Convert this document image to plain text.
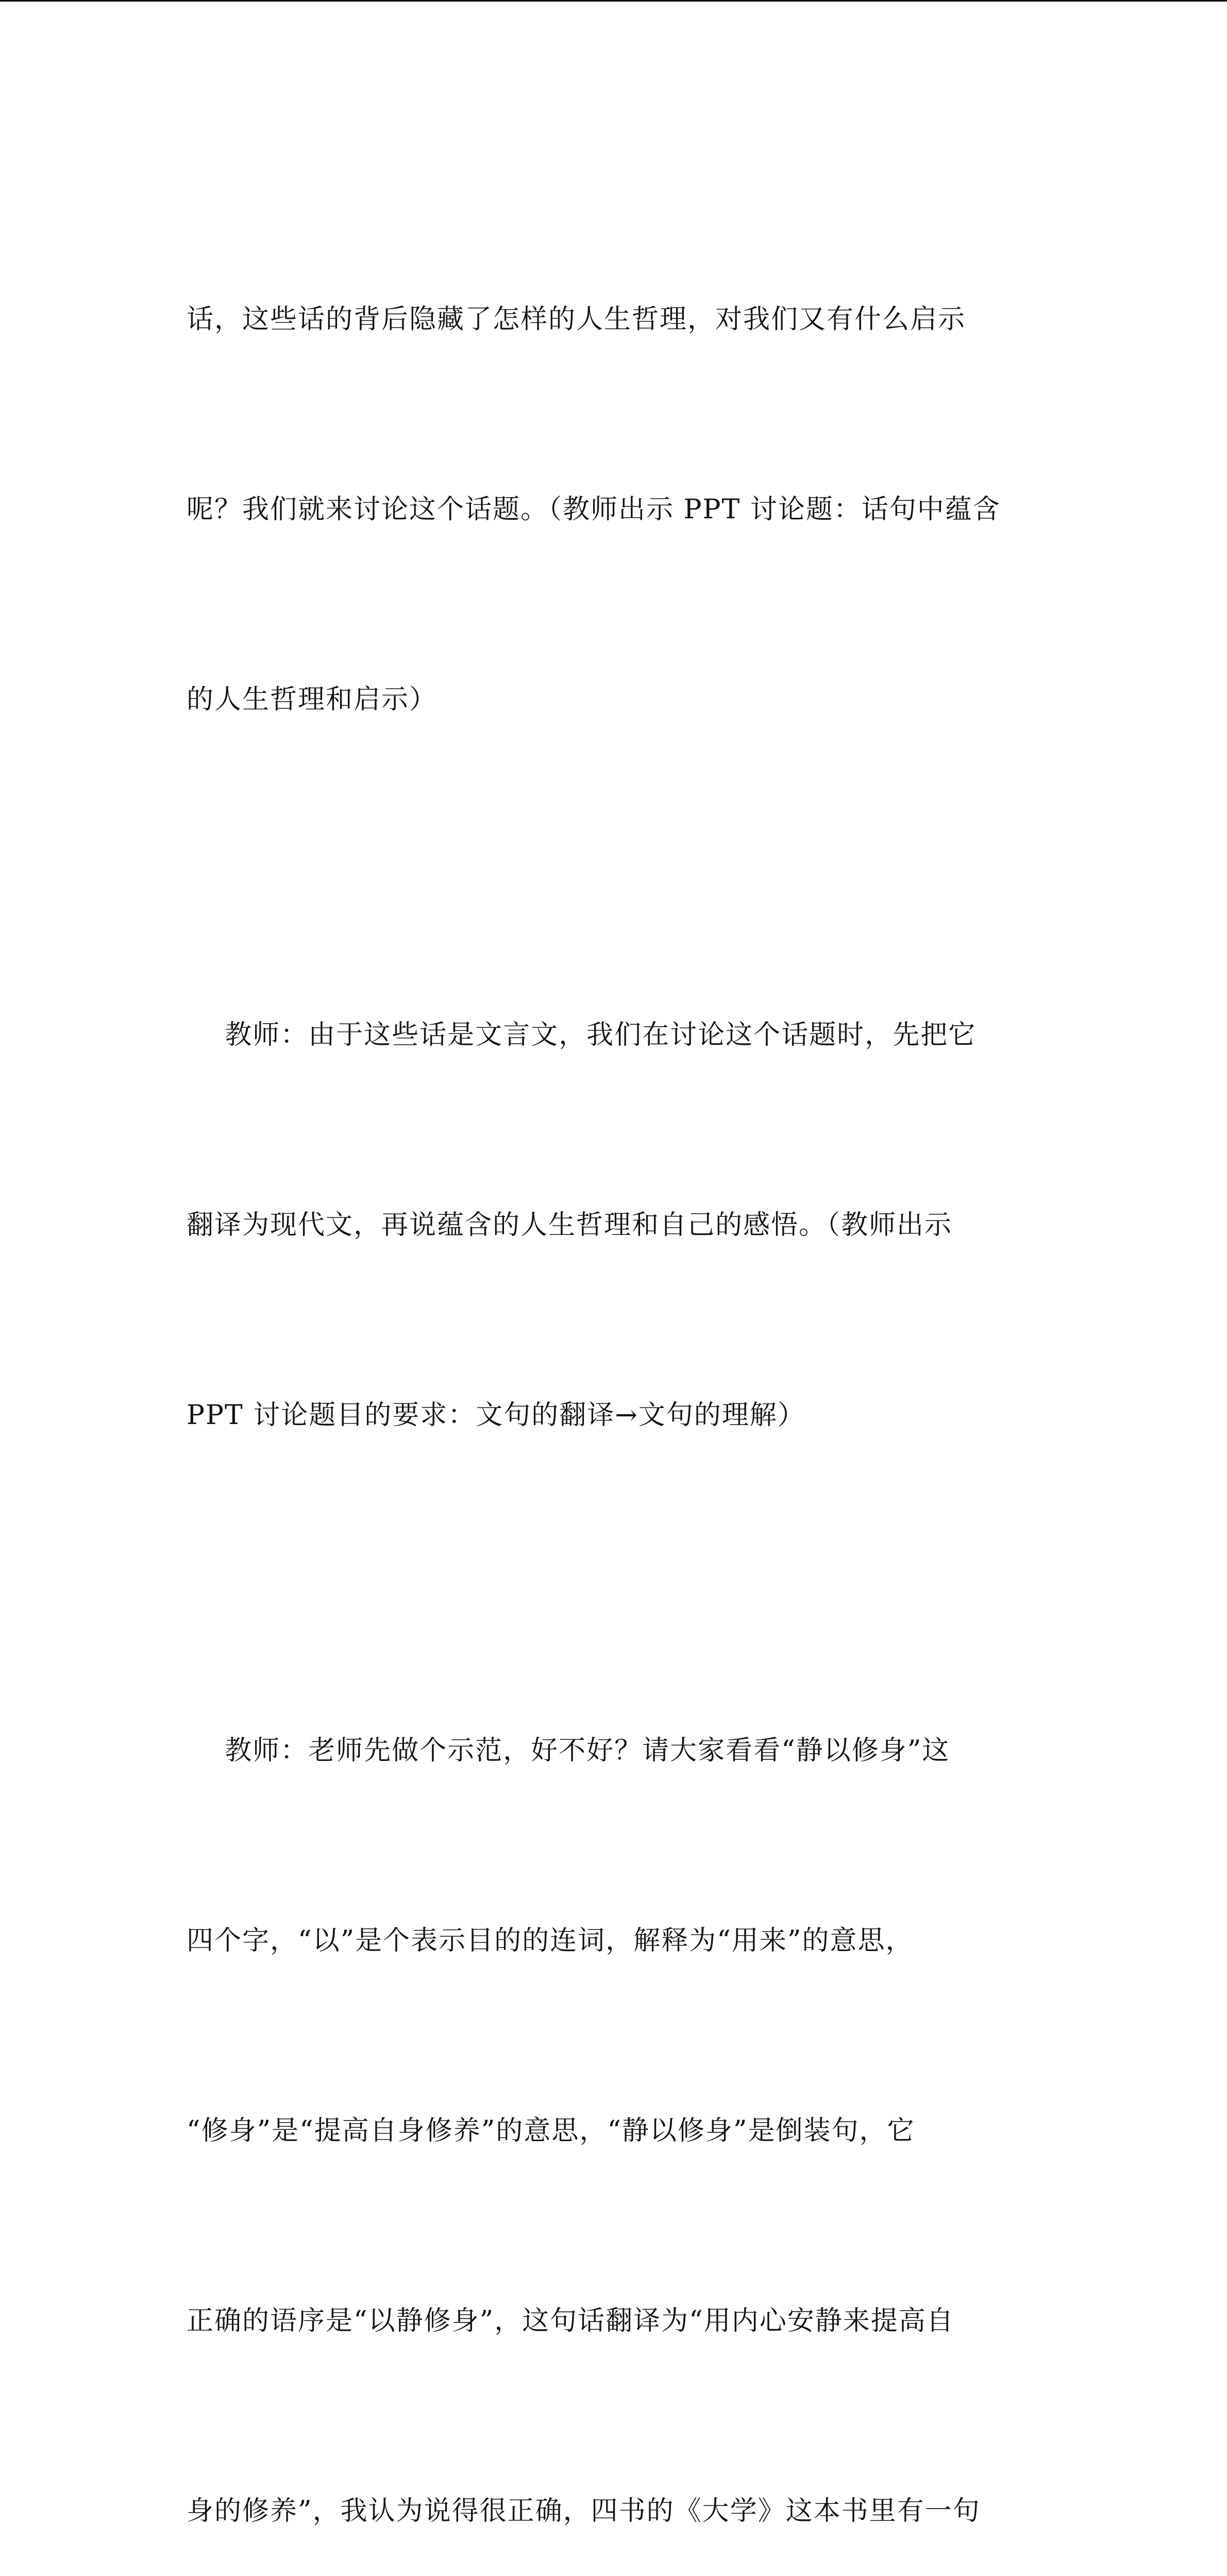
话，这些话的背后隐藏了怎样的人生哲理，对我们又有什么启示

呢？我们就来讨论这个话题。（教师出示 PPT 讨论题：话句中蕴含

的人生哲理和启示）

教师：由于这些话是文言文，我们在讨论这个话题时，先把它

翻译为现代文，再说蕴含的人生哲理和自己的感悟。（教师出示

PPT 讨论题目的要求：文句的翻译→文句的理解）

教师：老师先做个示范，好不好？请大家看看“静以修身”这

四个字，“以”是个表示目的的连词，解释为“用来”的意思，

“修身”是“提高自身修养”的意思，“静以修身”是倒装句，它

正确的语序是“以静修身”，这句话翻译为“用内心安静来提高自

身的修养”，我认为说得很正确，四书的《大学》这本书里有一句
